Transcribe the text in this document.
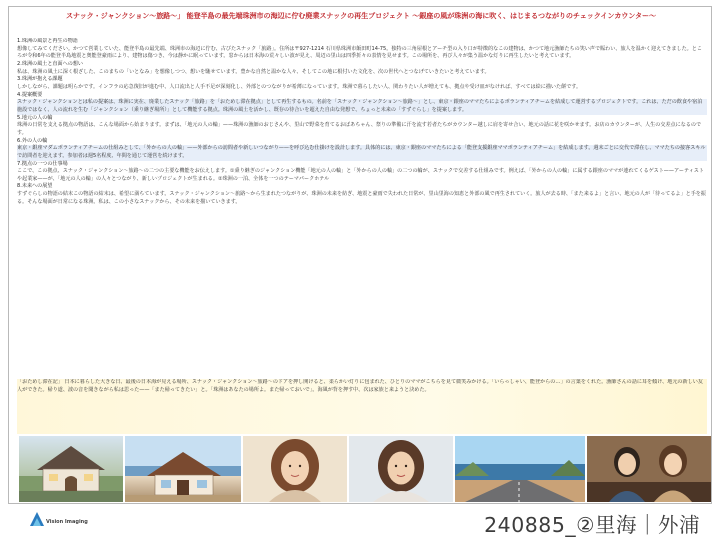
スナック・ジャンクション〜旅路〜」 能登半島の最先端珠洲市の海辺に佇む廃業スナックの再生プロジェクト 〜銀座の風が珠洲の海に吹く、はじまるつながりのチェックインカウンター〜
1.珠洲の風景と再生の物語
想像してみてください。かつて営業していた、能登半島の最先端、珠洲市の海辺に佇む、古びたスナック「旅路」。住所は〒927-1214 石川県珠洲市飯田町14-75。独特の三角屋根とアーチ型の入り口が特徴的なこの建物は、かつて地元漁師たちの笑い声で賑わい、旅人を温かく迎えてきました。ところが令和6年の能登半島地震と奥能登豪雨により、建物は傷つき、今は静かに眠っています。窓からは日本海の荒々しい波が見え、周辺の里山は四季折々の表情を見せます。この場所を、再び人々が集う温かな灯りに再生したいと考えています。
2.珠洲の風土と直面への想い
私は、珠洲の風土に深く根ざした、このまちの「いとなみ」を想像しつつ、想いを馳せています。豊かな自然と温かな人々、そしてこの地に根付いた文化を、次の世代へとつなげていきたいと考えています。
3.珠洲が抱える課題
しかしながら、課題は明らかです。インフラの応急復旧が進む中、人口流出と人手不足が深刻化し、外部とのつながりが希薄になっています。珠洲で暮らしたい人、関わりたい人が増えても、拠点や受け皿がなければ、すべては絵に描いた餅です。
4.提案概要
スナック・ジャンクションとは私の提案は、珠洲に実在、廃業したスナック「旅路」を「おためし滞在拠点」として再生するもの。名前を「スナック・ジャンクション〜旅路〜」とし、東京・銀座のママたちによるボランティアチームを結成して運営するプロジェクトです。これは、ただの飲食や宿泊施設ではなく、人の流れを生む「ジャンクション（乗り継ぎ場所）」として機能する拠点。珠洲の風土を活かし、既存の待合いを超えた自由な発想で、ちょっと未来の「すずぐらし」を提案します。
5.地元の人の輪
珠洲の日常を支える拠点の物語は、こんな場面から始まります。まずは、「地元の人の輪」——珠洲の漁師のおじさんや、里山で野菜を育てるおばあちゃん、祭りの準備に汗を流す若者たちがカウンター越しに肩を寄せ合い、地元の話に花を咲かせます。お店のカウンターが、人生の交差点になるのです。
6.外の人の輪
東京・銀座マダムボランティアチームの仕組みとして、「外からの人の輪」——外部からの訪問者や新しいつながり——を呼び込む仕掛けを設計します。具体的には、東京・銀座のママたちによる「能登支援銀座ママボランティアチーム」を結成します。週末ごとに交代で滞在し、ママたちの接客スキルで訪問者を迎えます。参加者は週5名程度、年間を通じて運営を続けます。
7.拠点の一つの仕事場
ここで、この拠点、スナック・ジャンクション〜旅路〜の二つの主要な機能をお伝えします。①乗り継ぎのジャンクション機能「地元の人の輪」と「外からの人の輪」の二つの輪が、スナックで交差する仕組みです。例えば、「外からの人の輪」に属する銀座のママが連れてくるゲスト——アーティストや起業家——が、「地元の人の輪」の人々とつながり、新しいプロジェクトが生まれる。②珠洲の一泊、全体を一つのテーマパークホテル
8.未来への展望
すずぐらしの物語の結末この物語の結末は、希望に満ちています。スナック・ジャンクション〜旅路〜から生まれたつながりが、珠洲の未来を紡ぎ、地震と豪雨で失われた日常が、里山里海の知恵と外部の風で再生されていく。旅人が去る時、「また来るよ」と言い、地元の人が「待ってるよ」と手を振る。そんな場面が日常になる珠洲。私は、この小さなスナックから、その未来を描いていきます。
「おためし滞在記」 日本に暮らした大きな日、最後の日本海が見える場所、スナック・ジャンクション〜旅路〜のドアを押し開けると、柔らかい灯りに包まれた、ひとりのママがこちらを見て微笑みかける。「いらっしゃい、能登からの…」の言葉をくれた。漁師さんの話に耳を傾け、地元の新しい友人ができた。帰り道、波の音を聞きながら私は思った——「また帰ってきたい」と。「珠洲はあなたの場所よ。また帰っておいで」。海風が背を押す中、次は家族と来ようと決めた。
Vision Imaging	240885_②里海｜外浦
